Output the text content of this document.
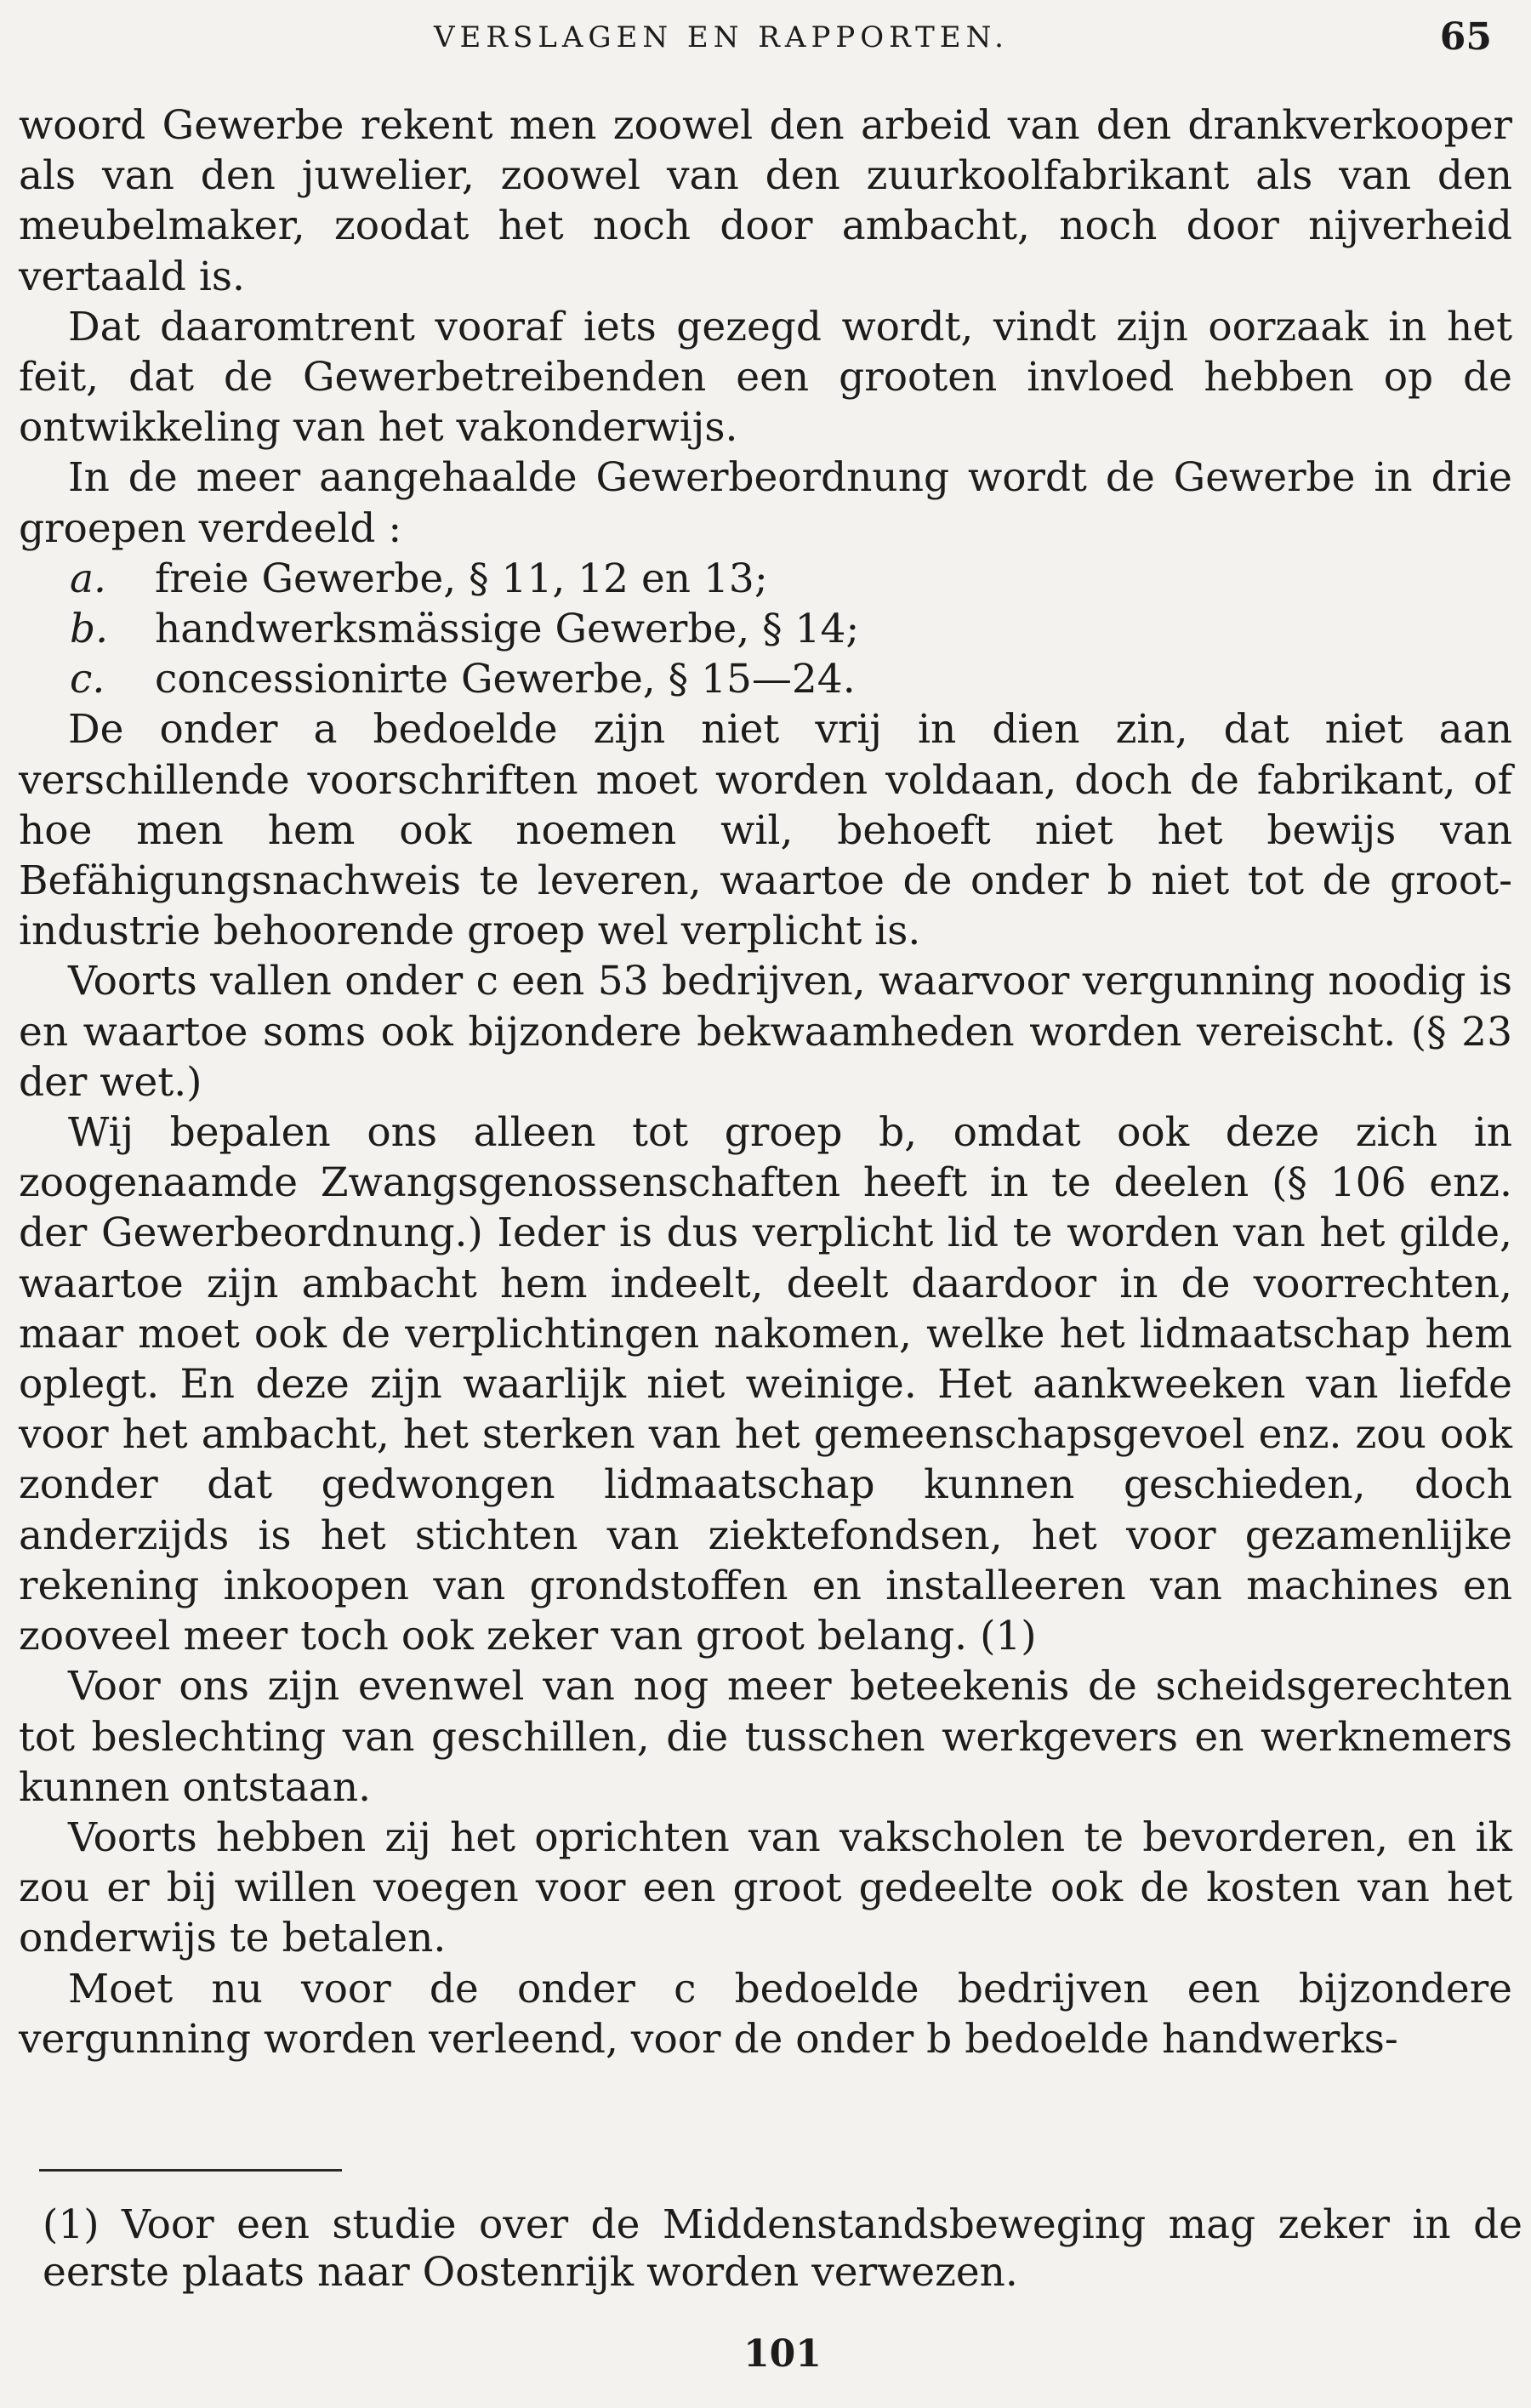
VERSLAGEN EN RAPPORTEN.	65

woord Gewerbe rekent men zoowel den arbeid van den drankverkooper als van den juwelier, zoowel van den zuurkoolfabrikant als van den meubelmaker, zoodat het noch door ambacht, noch door nijverheid vertaald is.

Dat daaromtrent vooraf iets gezegd wordt, vindt zijn oorzaak in het feit, dat de Gewerbetreibenden een grooten invloed hebben op de ontwikkeling van het vakonderwijs.

In de meer aangehaalde Gewerbeordnung wordt de Gewerbe in drie groepen verdeeld :

a.	freie Gewerbe, § 11, 12 en 13;
b.	handwerksmässige Gewerbe, § 14;
c.	concessionirte Gewerbe, § 15—24.

De onder a bedoelde zijn niet vrij in dien zin, dat niet aan verschillende voorschriften moet worden voldaan, doch de fabrikant, of hoe men hem ook noemen wil, behoeft niet het bewijs van Befähigungsnachweis te leveren, waartoe de onder b niet tot de groot-industrie behoorende groep wel verplicht is.

Voorts vallen onder c een 53 bedrijven, waarvoor vergunning noodig is en waartoe soms ook bijzondere bekwaamheden worden vereischt. (§ 23 der wet.)

Wij bepalen ons alleen tot groep b, omdat ook deze zich in zoogenaamde Zwangsgenossenschaften heeft in te deelen (§ 106 enz. der Gewerbeordnung.) Ieder is dus verplicht lid te worden van het gilde, waartoe zijn ambacht hem indeelt, deelt daardoor in de voorrechten, maar moet ook de verplichtingen nakomen, welke het lidmaatschap hem oplegt. En deze zijn waarlijk niet weinige. Het aankweeken van liefde voor het ambacht, het sterken van het gemeenschapsgevoel enz. zou ook zonder dat gedwongen lidmaatschap kunnen geschieden, doch anderzijds is het stichten van ziektefondsen, het voor gezamenlijke rekening inkoopen van grondstoffen en installeeren van machines en zooveel meer toch ook zeker van groot belang. (1)

Voor ons zijn evenwel van nog meer beteekenis de scheidsgerechten tot beslechting van geschillen, die tusschen werkgevers en werknemers kunnen ontstaan.

Voorts hebben zij het oprichten van vakscholen te bevorderen, en ik zou er bij willen voegen voor een groot gedeelte ook de kosten van het onderwijs te betalen.

Moet nu voor de onder c bedoelde bedrijven een bijzondere vergunning worden verleend, voor de onder b bedoelde handwerks-

(1) Voor een studie over de Middenstandsbeweging mag zeker in de eerste plaats naar Oostenrijk worden verwezen.
101
